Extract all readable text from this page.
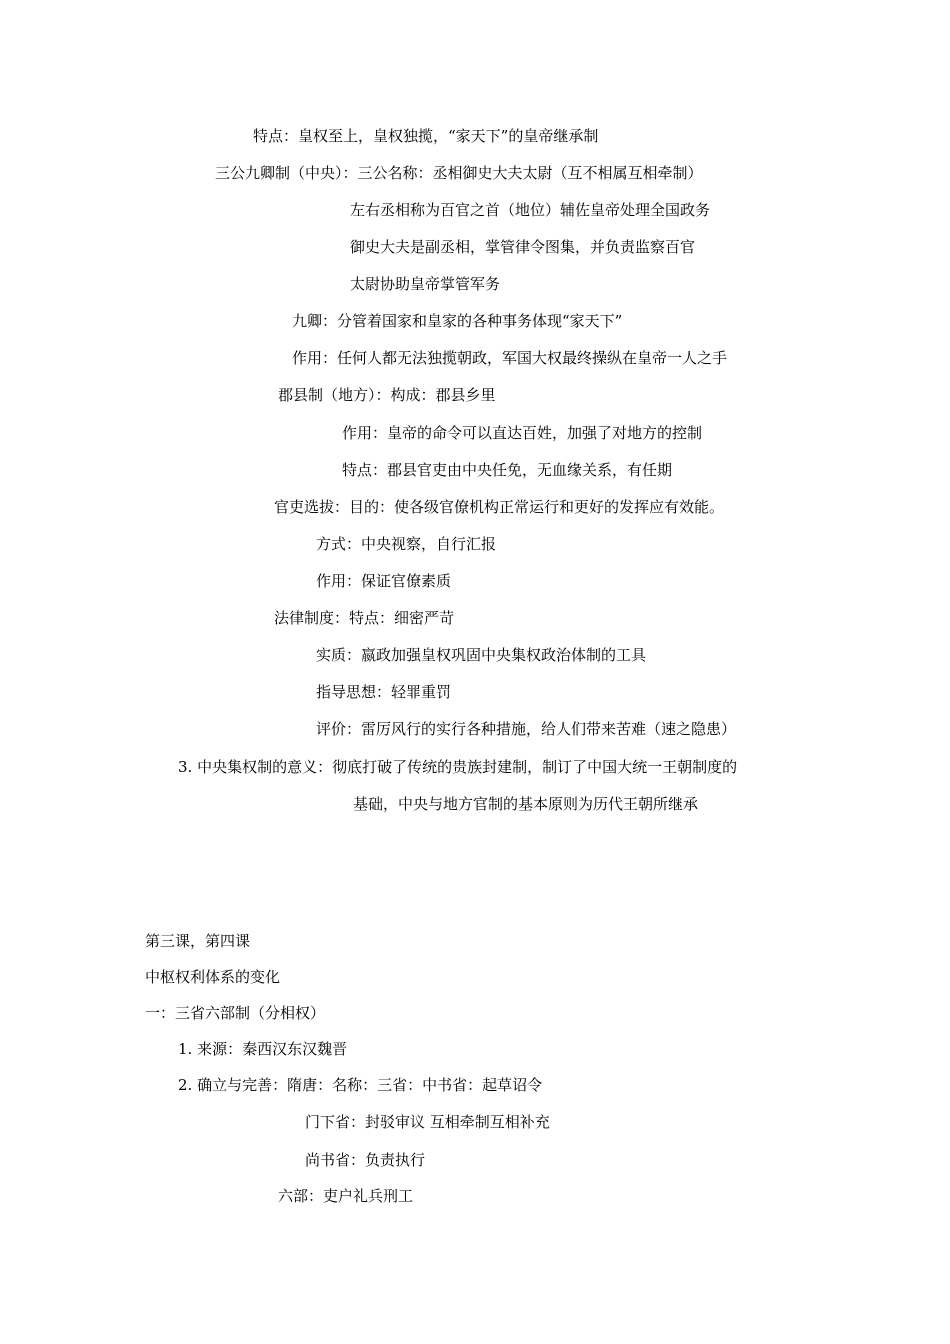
特点：皇权至上，皇权独揽，“家天下”的皇帝继承制
三公九卿制（中央）：三公名称：丞相御史大夫太尉（互不相属互相牵制）
左右丞相称为百官之首（地位）辅佐皇帝处理全国政务
御史大夫是副丞相，掌管律令图集，并负责监察百官
太尉协助皇帝掌管军务
九卿：分管着国家和皇家的各种事务体现“家天下”
作用：任何人都无法独揽朝政，军国大权最终操纵在皇帝一人之手
郡县制（地方）：构成：郡县乡里
作用：皇帝的命令可以直达百姓，加强了对地方的控制
特点：郡县官吏由中央任免，无血缘关系，有任期
官吏选拔：目的：使各级官僚机构正常运行和更好的发挥应有效能。
方式：中央视察，自行汇报
作用：保证官僚素质
法律制度：特点：细密严苛
实质：嬴政加强皇权巩固中央集权政治体制的工具
指导思想：轻罪重罚
评价：雷厉风行的实行各种措施，给人们带来苦难（速之隐患）
3. 中央集权制的意义：彻底打破了传统的贵族封建制，制订了中国大统一王朝制度的
基础，中央与地方官制的基本原则为历代王朝所继承
第三课，第四课
中枢权利体系的变化
一：三省六部制（分相权）
1. 来源：秦西汉东汉魏晋
2. 确立与完善：隋唐：名称：三省：中书省：起草诏令
门下省：封驳审议 互相牵制互相补充
尚书省：负责执行
六部：吏户礼兵刑工
